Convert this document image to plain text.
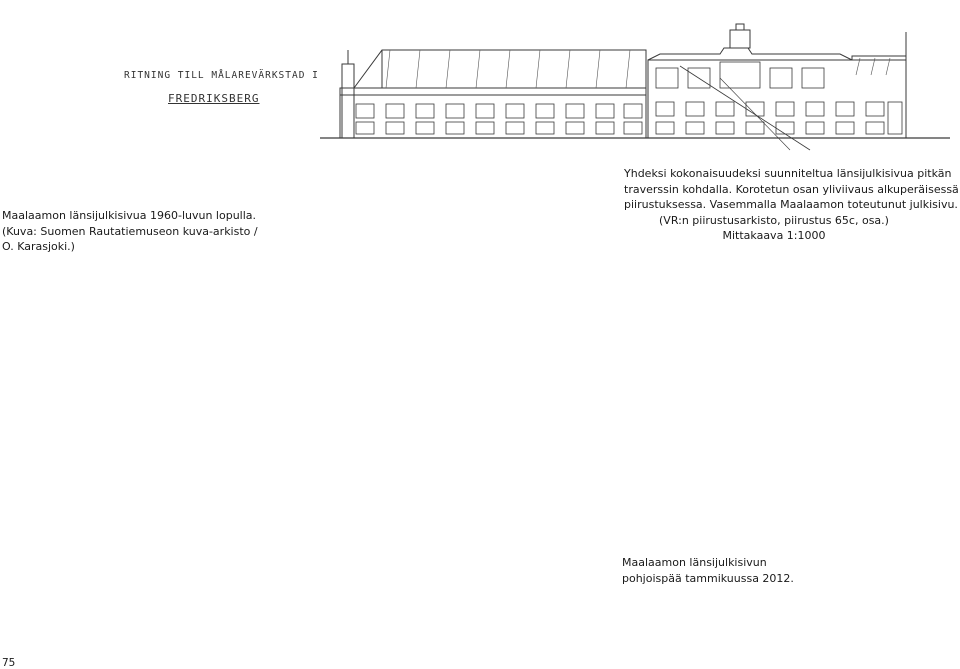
RITNING TILL MÅLAREVÄRKSTAD I
FREDRIKSBERG
Yhdeksi kokonaisuudeksi suunniteltua länsijulkisivua pitkän
traverssin kohdalla. Korotetun osan yliviivaus alkuperäisessä
piirustuksessa. Vasemmalla Maalaamon toteutunut julkisivu.
(VR:n piirustusarkisto, piirustus 65c, osa.)
Mittakaava 1:1000
Maalaamon länsijulkisivua 1960-luvun lopulla.
(Kuva: Suomen Rautatiemuseon kuva-arkisto /
O. Karasjoki.)
Maalaamon länsijulkisivun
pohjoispää tammikuussa 2012.
75
